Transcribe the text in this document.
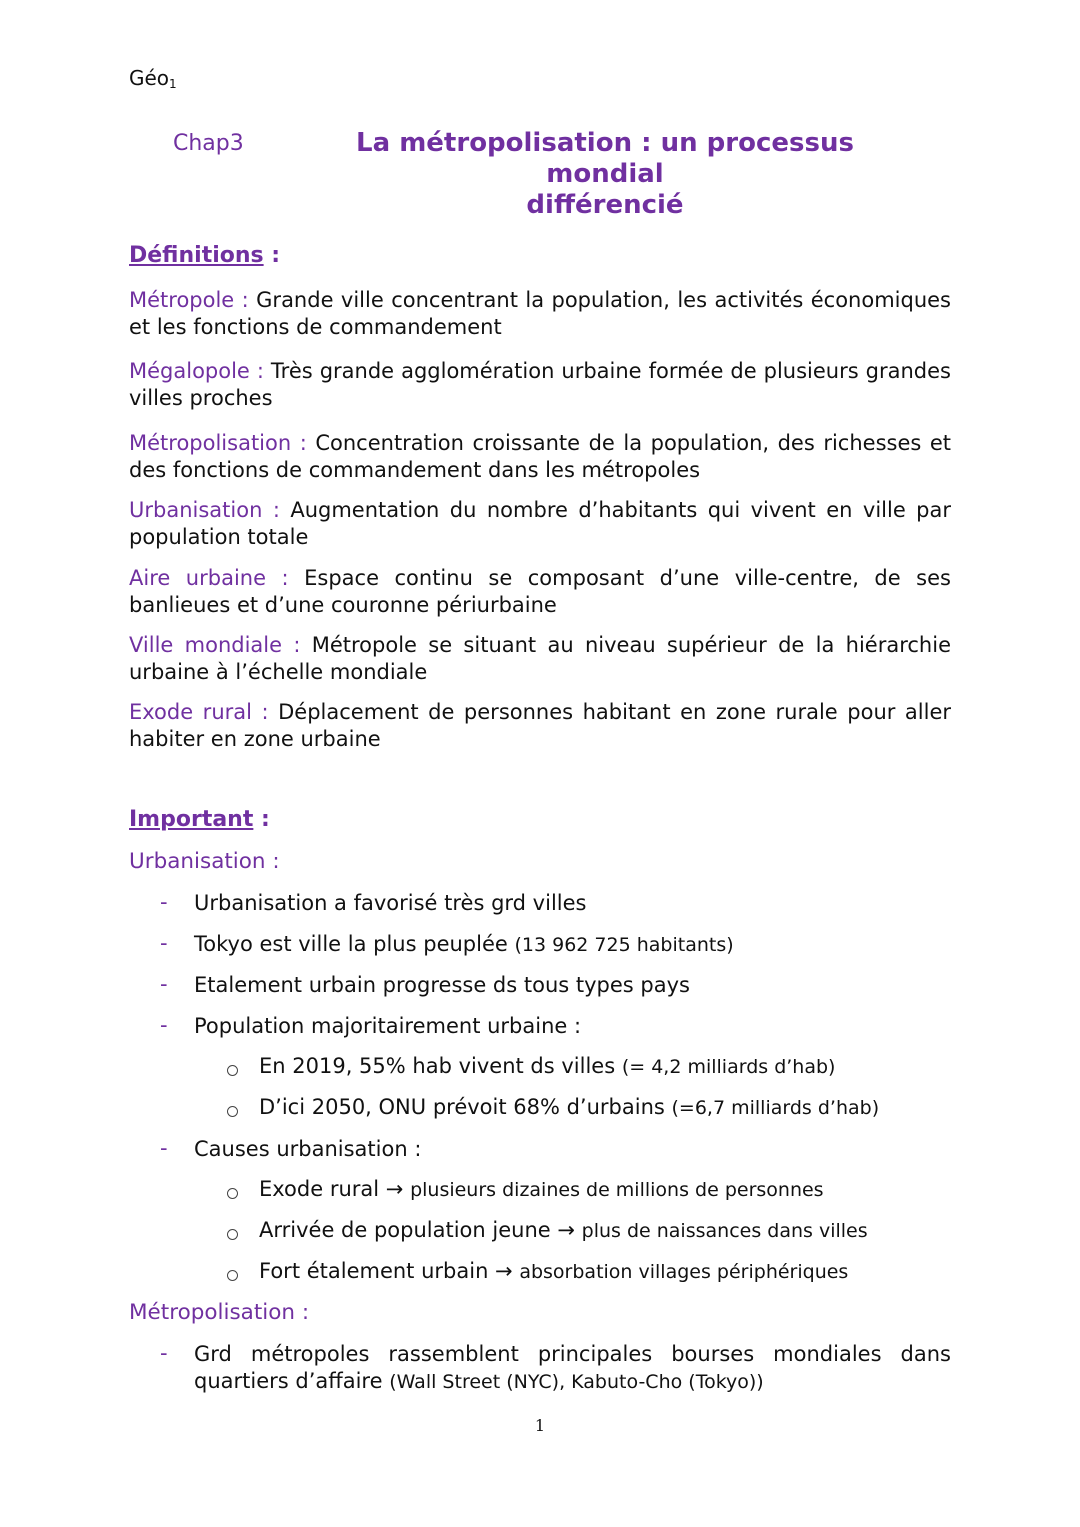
Géo$_1$
Chap3	La métropolisation : un processus mondial
différencié
Définitions :
Métropole : Grande ville concentrant la population, les activités économiques et les fonctions de commandement
Mégalopole : Très grande agglomération urbaine formée de plusieurs grandes villes proches
Métropolisation : Concentration croissante de la population, des richesses et des fonctions de commandement dans les métropoles
Urbanisation : Augmentation du nombre d’habitants qui vivent en ville par population totale
Aire urbaine : Espace continu se composant d’une ville-centre, de ses banlieues et d’une couronne périurbaine
Ville mondiale : Métropole se situant au niveau supérieur de la hiérarchie urbaine à l’échelle mondiale
Exode rural : Déplacement de personnes habitant en zone rurale pour aller habiter en zone urbaine
Important :
Urbanisation :
- Urbanisation a favorisé très grd villes
- Tokyo est ville la plus peuplée (13 962 725 habitants)
- Etalement urbain progresse ds tous types pays
- Population majoritairement urbaine :
En 2019, 55% hab vivent ds villes (= 4,2 milliards d’hab)
D’ici 2050, ONU prévoit 68% d’urbains (=6,7 milliards d’hab)
- Causes urbanisation :
Exode rural → plusieurs dizaines de millions de personnes
Arrivée de population jeune → plus de naissances dans villes
Fort étalement urbain → absorbation villages périphériques
Métropolisation :
- Grd métropoles rassemblent principales bourses mondiales dans quartiers d’affaire (Wall Street (NYC), Kabuto-Cho (Tokyo))
1
